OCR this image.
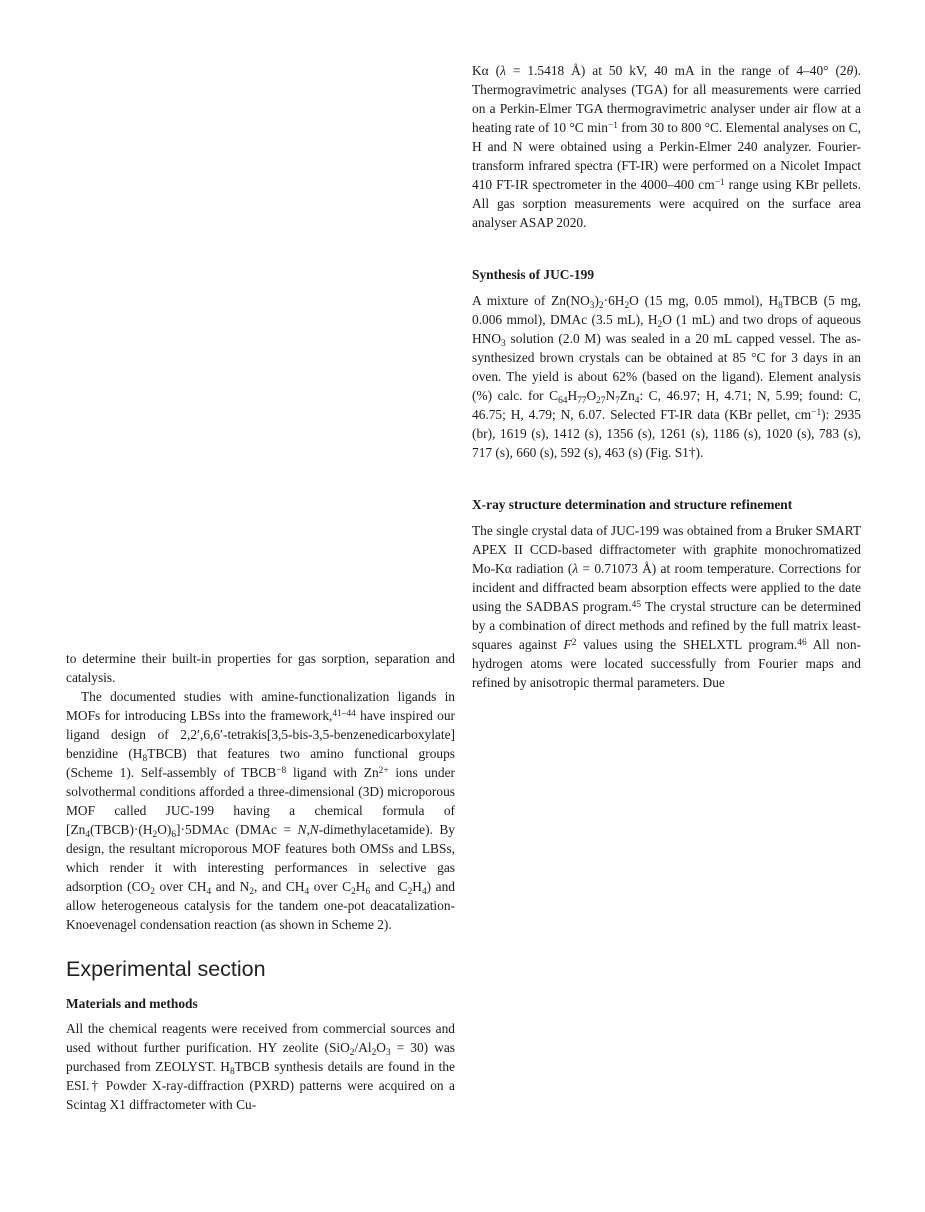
to determine their built-in properties for gas sorption, separation and catalysis.

The documented studies with amine-functionalization ligands in MOFs for introducing LBSs into the framework,$^{41-44}$ have inspired our ligand design of 2,2′,6,6′-tetrakis[3,5-bis-3,5-benzenedicarboxylate] benzidine $(H_8TBCB)$ that features two amino functional groups (Scheme 1). Self-assembly of $TBCB^{-8}$ ligand with $Zn^{2+}$ ions under solvothermal conditions afforded a three-dimensional (3D) microporous MOF called JUC-199 having a chemical formula of $[Zn_4(TBCB)\cdot(H_2O)_6]\cdot 5DMAc$ (DMAc = N,N-dimethylacetamide). By design, the resultant microporous MOF features both OMSs and LBSs, which render it with interesting performances in selective gas adsorption ($CO_2$ over $CH_4$ and $N_2$, and $CH_4$ over $C_2H_6$ and $C_2H_4$) and allow heterogeneous catalysis for the tandem one-pot deacatalization-Knoevenagel condensation reaction (as shown in Scheme 2).

Experimental section
Materials and methods

All the chemical reagents were received from commercial sources and used without further purification. HY zeolite $(SiO_2/Al_2O_3 = 30)$ was purchased from ZEOLYST. $H_8TBCB$ synthesis details are found in the ESI.† Powder X-ray-diffraction (PXRD) patterns were acquired on a Scintag X1 diffractometer with Cu-

Kα (λ = 1.5418 Å) at 50 kV, 40 mA in the range of 4–40° (2θ). Thermogravimetric analyses (TGA) for all measurements were carried on a Perkin-Elmer TGA thermogravimetric analyser under air flow at a heating rate of 10 °C $\min^{-1}$ from 30 to 800 °C. Elemental analyses on C, H and N were obtained using a Perkin-Elmer 240 analyzer. Fourier-transform infrared spectra (FT-IR) were performed on a Nicolet Impact 410 FT-IR spectrometer in the 4000–400 $cm^{-1}$ range using KBr pellets. All gas sorption measurements were acquired on the surface area analyser ASAP 2020.

Synthesis of JUC-199

A mixture of $Zn(NO_3)_2\cdot 6H_2O$ (15 mg, 0.05 mmol), $H_8TBCB$ (5 mg, 0.006 mmol), DMAc (3.5 mL), $H_2O$ (1 mL) and two drops of aqueous $HNO_3$ solution (2.0 M) was sealed in a 20 mL capped vessel. The as-synthesized brown crystals can be obtained at 85 °C for 3 days in an oven. The yield is about 62% (based on the ligand). Element analysis (%) calc. for $C_{64}H_{77}O_{27}N_7Zn_4$: C, 46.97; H, 4.71; N, 5.99; found: C, 46.75; H, 4.79; N, 6.07. Selected FT-IR data (KBr pellet, $cm^{-1}$): 2935 (br), 1619 (s), 1412 (s), 1356 (s), 1261 (s), 1186 (s), 1020 (s), 783 (s), 717 (s), 660 (s), 592 (s), 463 (s) (Fig. S1†).

X-ray structure determination and structure refinement

The single crystal data of JUC-199 was obtained from a Bruker SMART APEX II CCD-based diffractometer with graphite monochromatized Mo-Kα radiation (λ = 0.71073 Å) at room temperature. Corrections for incident and diffracted beam absorption effects were applied to the date using the SADBAS program.$^{45}$ The crystal structure can be determined by a combination of direct methods and refined by the full matrix least-squares against $F^2$ values using the SHELXTL program.$^{46}$ All non-hydrogen atoms were located successfully from Fourier maps and refined by anisotropic thermal parameters. Due
